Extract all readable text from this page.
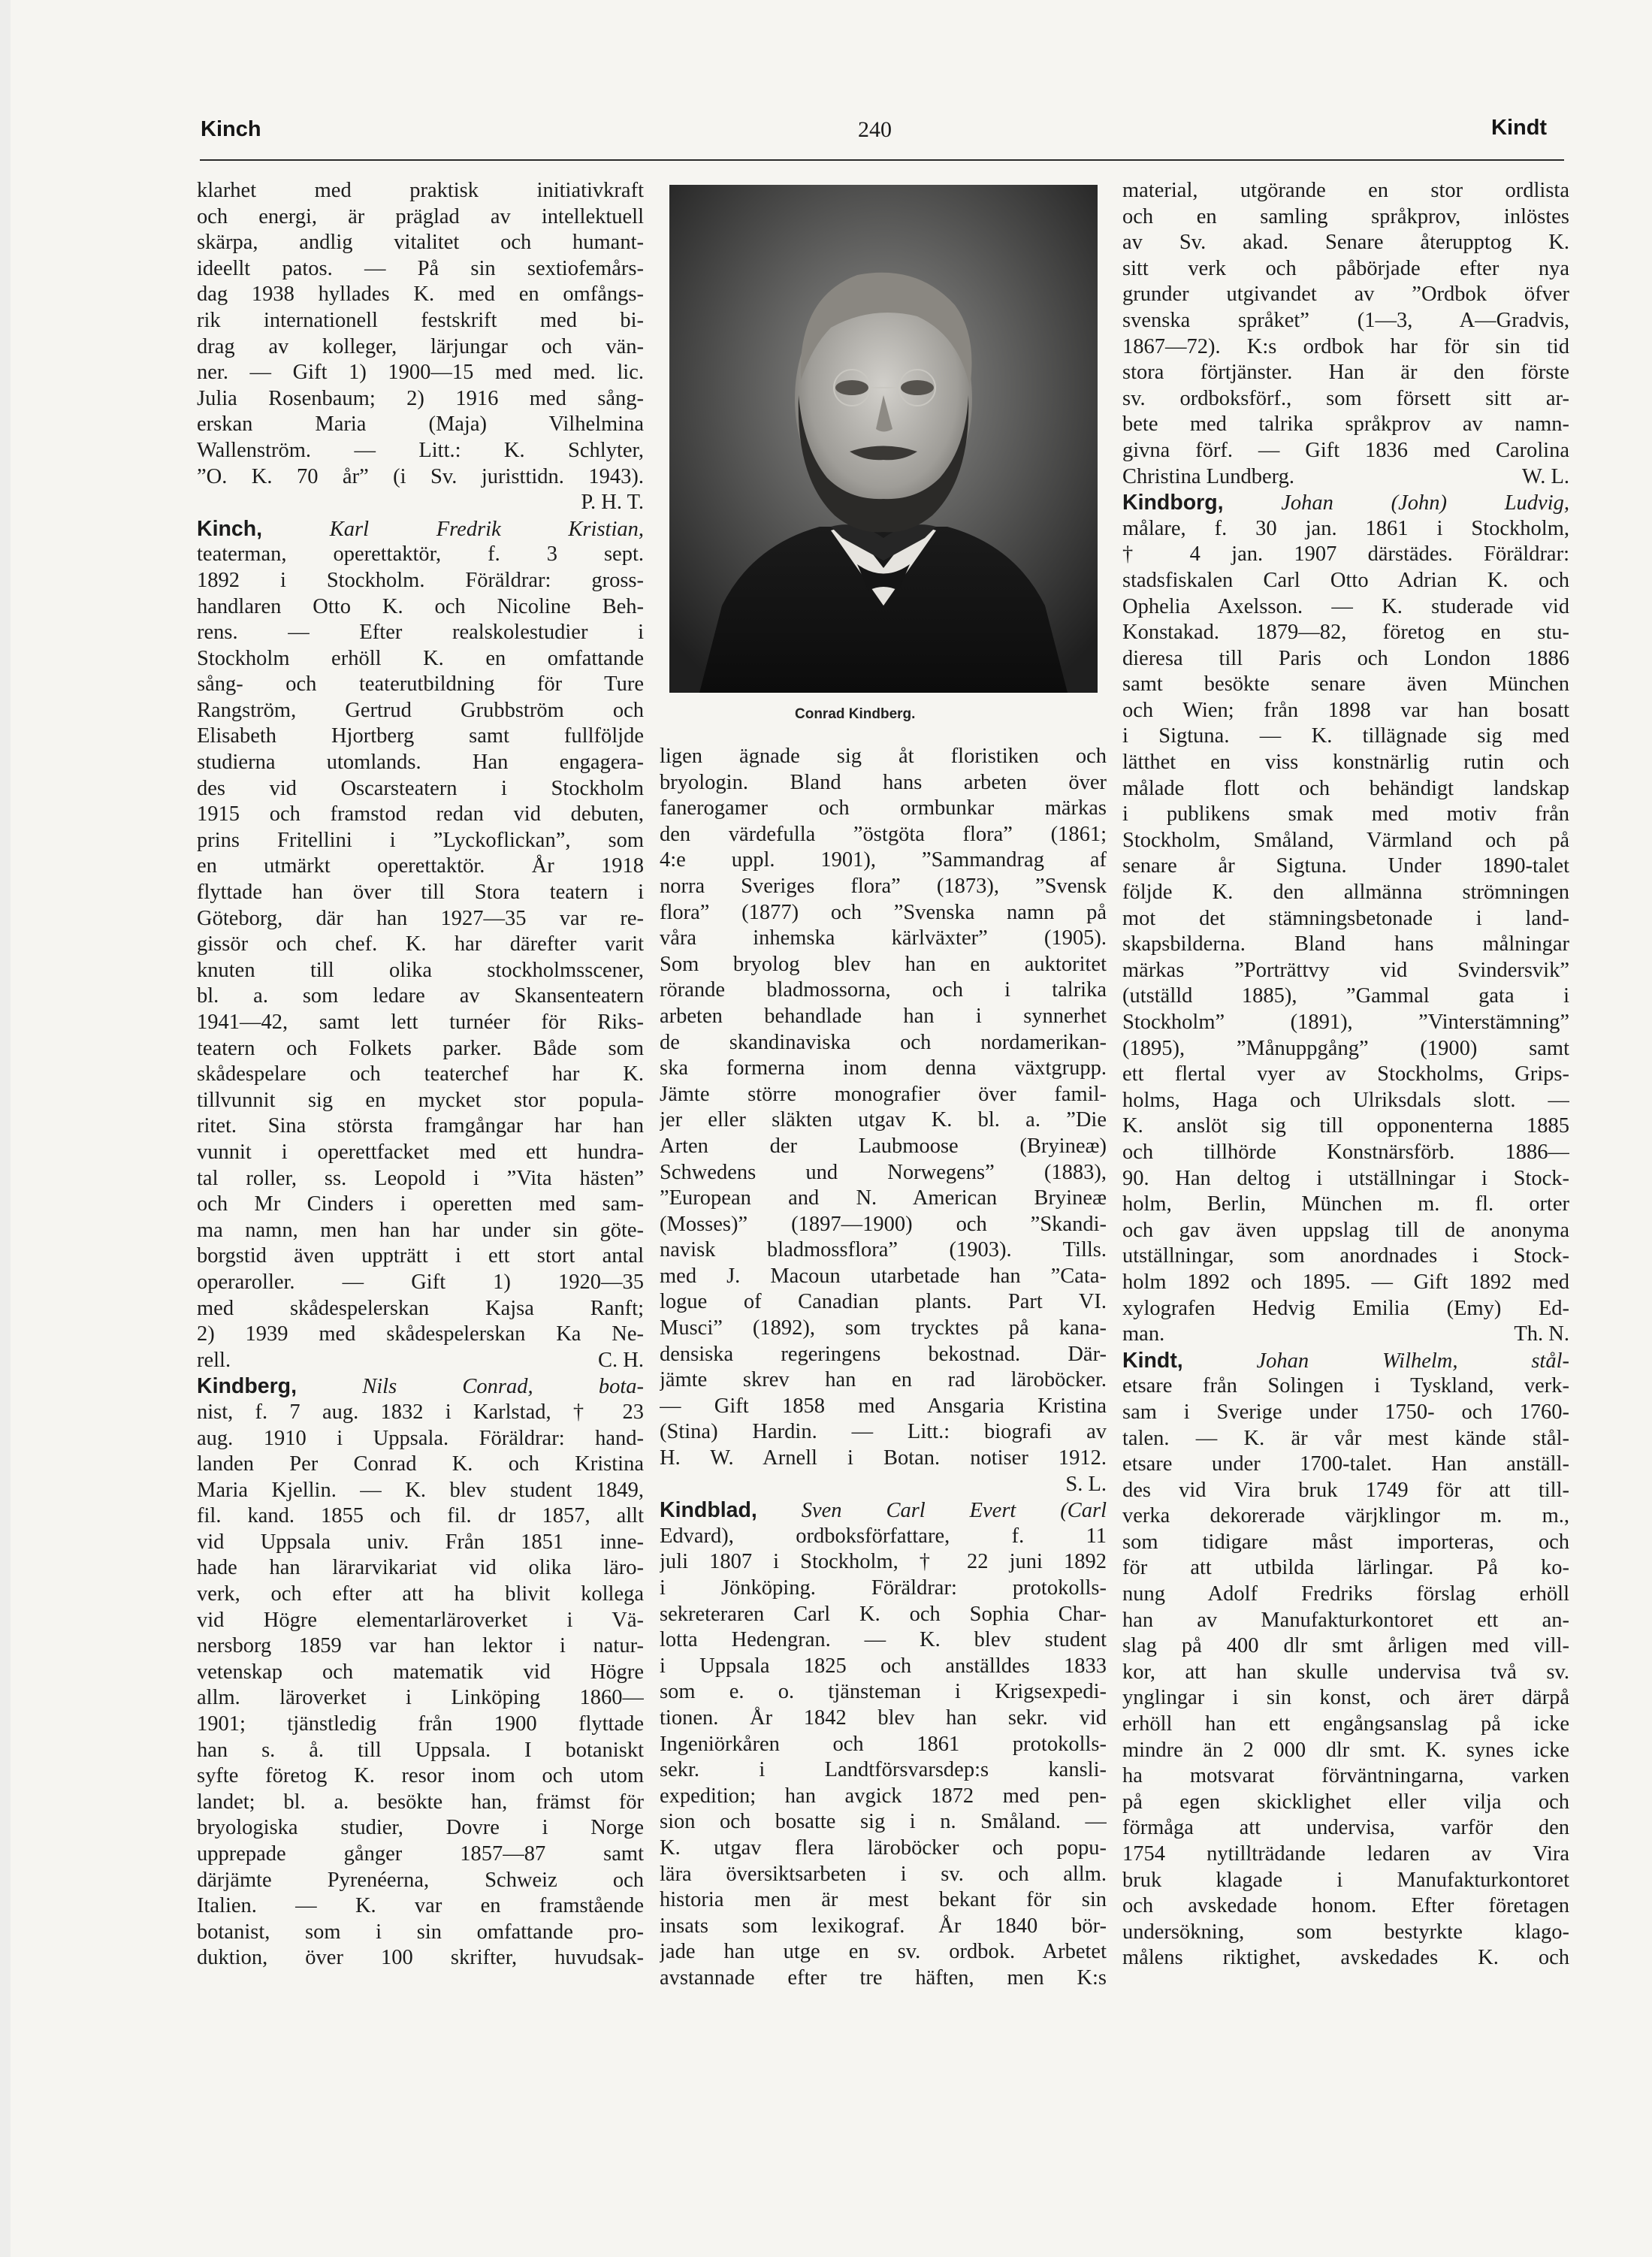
Kinch	240	Kindt
Conrad Kindberg.
klarhet med praktisk initiativkraft
och energi, är präglad av intellektuell
skärpa, andlig vitalitet och humant-
ideellt patos. — På sin sextiofemårs-
dag 1938 hyllades K. med en omfångs-
rik internationell festskrift med bi-
drag av kolleger, lärjungar och vän-
ner. — Gift 1) 1900—15 med med. lic.
Julia Rosenbaum; 2) 1916 med sång-
erskan Maria (Maja) Vilhelmina
Wallenström. — Litt.: K. Schlyter,
”O. K. 70 år” (i Sv. juristtidn. 1943).
P. H. T.
Kinch, Karl Fredrik Kristian,
teaterman, operettaktör, f. 3 sept.
1892 i Stockholm. Föräldrar: gross-
handlaren Otto K. och Nicoline Beh-
rens. — Efter realskolestudier i
Stockholm erhöll K. en omfattande
sång- och teaterutbildning för Ture
Rangström, Gertrud Grubbström och
Elisabeth Hjortberg samt fullföljde
studierna utomlands. Han engagera-
des vid Oscarsteatern i Stockholm
1915 och framstod redan vid debuten,
prins Fritellini i ”Lyckoflickan”, som
en utmärkt operettaktör. År 1918
flyttade han över till Stora teatern i
Göteborg, där han 1927—35 var re-
gissör och chef. K. har därefter varit
knuten till olika stockholmsscener,
bl. a. som ledare av Skansenteatern
1941—42, samt lett turnéer för Riks-
teatern och Folkets parker. Både som
skådespelare och teaterchef har K.
tillvunnit sig en mycket stor popula-
ritet. Sina största framgångar har han
vunnit i operettfacket med ett hundra-
tal roller, ss. Leopold i ”Vita hästen”
och Mr Cinders i operetten med sam-
ma namn, men han har under sin göte-
borgstid även uppträtt i ett stort antal
operaroller. — Gift 1) 1920—35
med skådespelerskan Kajsa Ranft;
2) 1939 med skådespelerskan Ka Ne-
rell.	C. H.
Kindberg, Nils Conrad, bota-
nist, f. 7 aug. 1832 i Karlstad, † 23
aug. 1910 i Uppsala. Föräldrar: hand-
landen Per Conrad K. och Kristina
Maria Kjellin. — K. blev student 1849,
fil. kand. 1855 och fil. dr 1857, allt
vid Uppsala univ. Från 1851 inne-
hade han lärarvikariat vid olika läro-
verk, och efter att ha blivit kollega
vid Högre elementarläroverket i Vä-
nersborg 1859 var han lektor i natur-
vetenskap och matematik vid Högre
allm. läroverket i Linköping 1860—
1901; tjänstledig från 1900 flyttade
han s. å. till Uppsala. I botaniskt
syfte företog K. resor inom och utom
landet; bl. a. besökte han, främst för
bryologiska studier, Dovre i Norge
upprepade gånger 1857—87 samt
därjämte Pyrenéerna, Schweiz och
Italien. — K. var en framstående
botanist, som i sin omfattande pro-
duktion, över 100 skrifter, huvudsak-
ligen ägnade sig åt floristiken och
bryologin. Bland hans arbeten över
fanerogamer och ormbunkar märkas
den värdefulla ”östgöta flora” (1861;
4:e uppl. 1901), ”Sammandrag af
norra Sveriges flora” (1873), ”Svensk
flora” (1877) och ”Svenska namn på
våra inhemska kärlväxter” (1905).
Som bryolog blev han en auktoritet
rörande bladmossorna, och i talrika
arbeten behandlade han i synnerhet
de skandinaviska och nordamerikan-
ska formerna inom denna växtgrupp.
Jämte större monografier över famil-
jer eller släkten utgav K. bl. a. ”Die
Arten der Laubmoose (Bryineæ)
Schwedens und Norwegens” (1883),
”European and N. American Bryineæ
(Mosses)” (1897—1900) och ”Skandi-
navisk bladmossflora” (1903). Tills.
med J. Macoun utarbetade han ”Cata-
logue of Canadian plants. Part VI.
Musci” (1892), som trycktes på kana-
densiska regeringens bekostnad. Där-
jämte skrev han en rad läroböcker.
— Gift 1858 med Ansgaria Kristina
(Stina) Hardin. — Litt.: biografi av
H. W. Arnell i Botan. notiser 1912.
S. L.
Kindblad, Sven Carl Evert (Carl
Edvard), ordboksförfattare, f. 11
juli 1807 i Stockholm, † 22 juni 1892
i Jönköping. Föräldrar: protokolls-
sekreteraren Carl K. och Sophia Char-
lotta Hedengran. — K. blev student
i Uppsala 1825 och anställdes 1833
som e. o. tjänsteman i Krigsexpedi-
tionen. År 1842 blev han sekr. vid
Ingeniörkåren och 1861 protokolls-
sekr. i Landtförsvarsdep:s kansli-
expedition; han avgick 1872 med pen-
sion och bosatte sig i n. Småland. —
K. utgav flera läroböcker och popu-
lära översiktsarbeten i sv. och allm.
historia men är mest bekant för sin
insats som lexikograf. År 1840 bör-
jade han utge en sv. ordbok. Arbetet
avstannade efter tre häften, men K:s
material, utgörande en stor ordlista
och en samling språkprov, inlöstes
av Sv. akad. Senare återupptog K.
sitt verk och påbörjade efter nya
grunder utgivandet av ”Ordbok öfver
svenska språket” (1—3, A—Gradvis,
1867—72). K:s ordbok har för sin tid
stora förtjänster. Han är den förste
sv. ordboksförf., som försett sitt ar-
bete med talrika språkprov av namn-
givna förf. — Gift 1836 med Carolina
Christina Lundberg.	W. L.
Kindborg, Johan (John) Ludvig,
målare, f. 30 jan. 1861 i Stockholm,
† 4 jan. 1907 därstädes. Föräldrar:
stadsfiskalen Carl Otto Adrian K. och
Ophelia Axelsson. — K. studerade vid
Konstakad. 1879—82, företog en stu-
dieresa till Paris och London 1886
samt besökte senare även München
och Wien; från 1898 var han bosatt
i Sigtuna. — K. tillägnade sig med
lätthet en viss konstnärlig rutin och
målade flott och behändigt landskap
i publikens smak med motiv från
Stockholm, Småland, Värmland och på
senare år Sigtuna. Under 1890-talet
följde K. den allmänna strömningen
mot det stämningsbetonade i land-
skapsbilderna. Bland hans målningar
märkas ”Porträttvy vid Svindersvik”
(utställd 1885), ”Gammal gata i
Stockholm” (1891), ”Vinterstämning”
(1895), ”Månuppgång” (1900) samt
ett flertal vyer av Stockholms, Grips-
holms, Haga och Ulriksdals slott. —
K. anslöt sig till opponenterna 1885
och tillhörde Konstnärsförb. 1886—
90. Han deltog i utställningar i Stock-
holm, Berlin, München m. fl. orter
och gav även uppslag till de anonyma
utställningar, som anordnades i Stock-
holm 1892 och 1895. — Gift 1892 med
xylografen Hedvig Emilia (Emy) Ed-
man.	Th. N.
Kindt, Johan Wilhelm, stål-
etsare från Solingen i Tyskland, verk-
sam i Sverige under 1750- och 1760-
talen. — K. är vår mest kände stål-
etsare under 1700-talet. Han anställ-
des vid Vira bruk 1749 för att till-
verka dekorerade värjklingor m. m.,
som tidigare måst importeras, och
för att utbilda lärlingar. På ko-
nung Adolf Fredriks förslag erhöll
han av Manufakturkontoret ett an-
slag på 400 dlr smt årligen med vill-
kor, att han skulle undervisa två sv.
ynglingar i sin konst, och ärет därpå
erhöll han ett engångsanslag på icke
mindre än 2 000 dlr smt. K. synes icke
ha motsvarat förväntningarna, varken
på egen skicklighet eller vilja och
förmåga att undervisa, varför den
1754 nytillträdande ledaren av Vira
bruk klagade i Manufakturkontoret
och avskedade honom. Efter företagen
undersökning, som bestyrkte klago-
målens riktighet, avskedades K. och
